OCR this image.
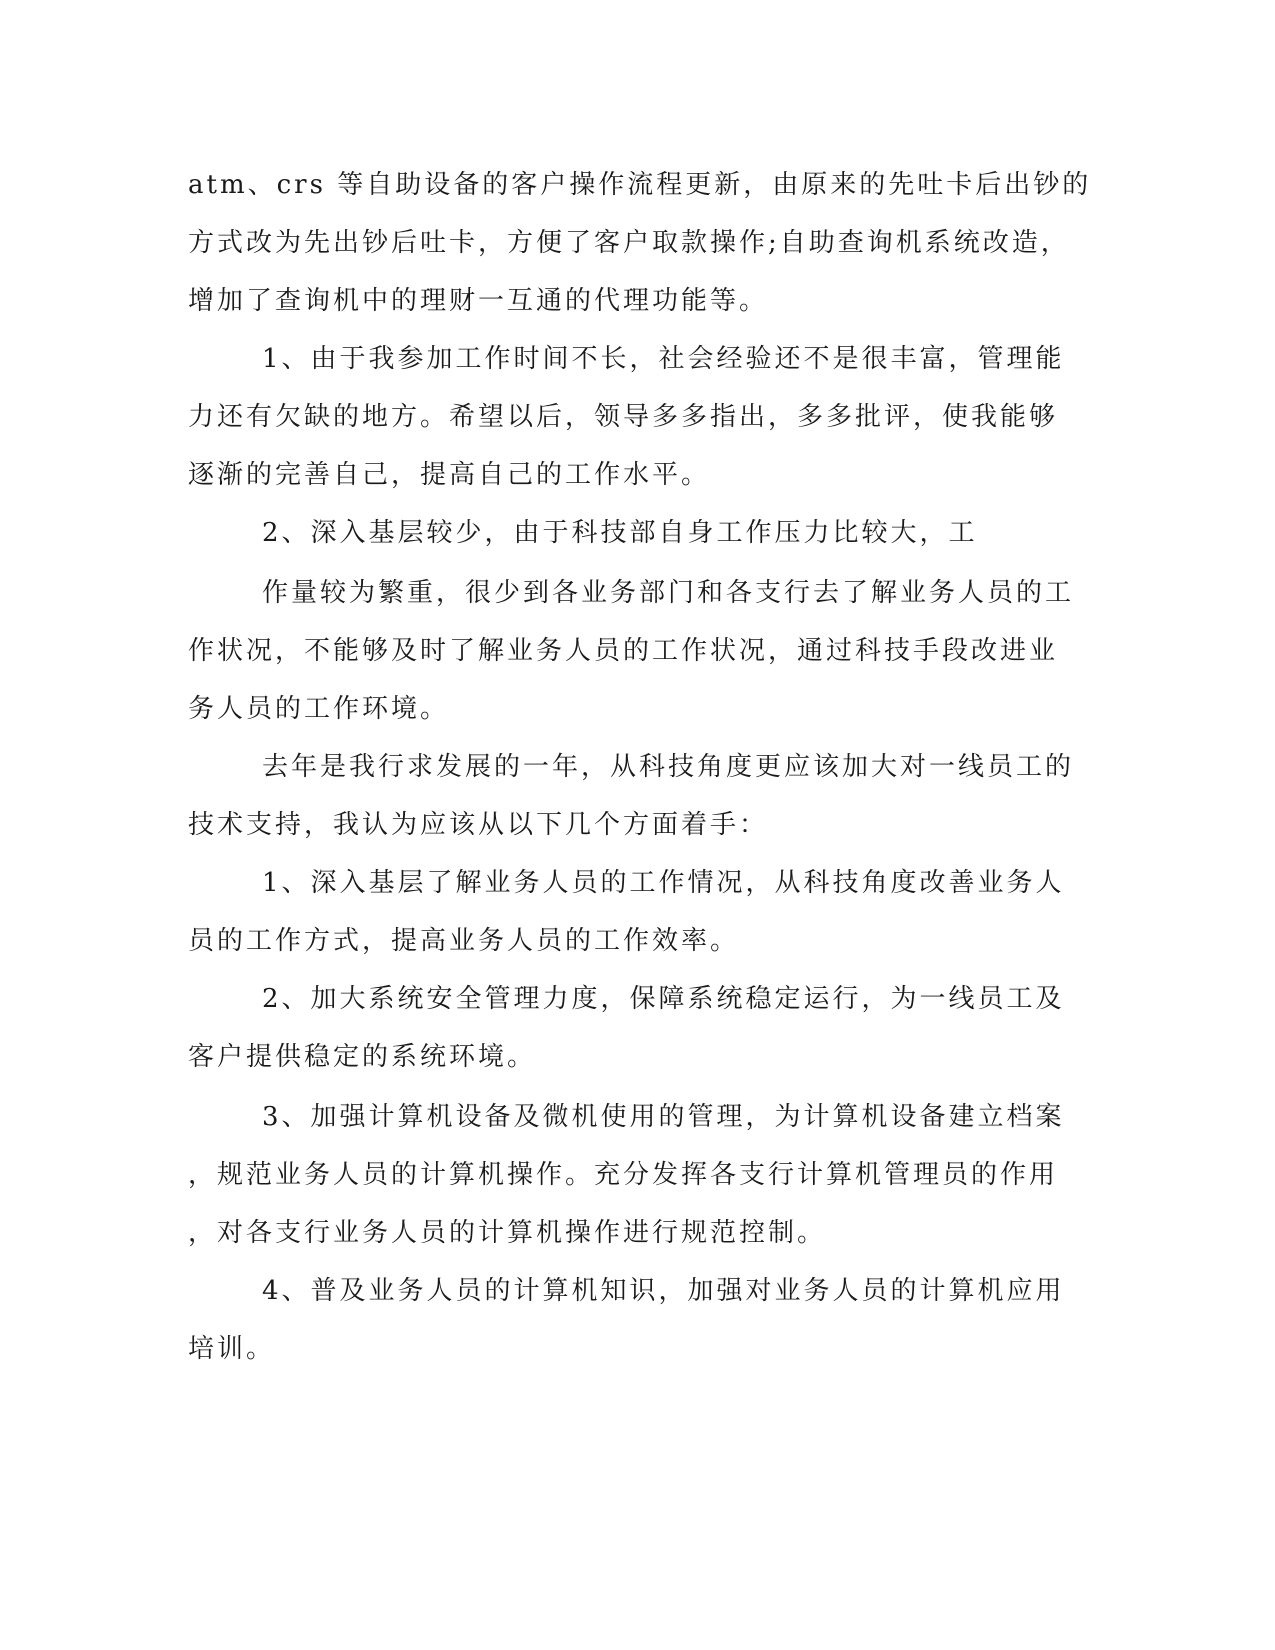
atm、crs 等自助设备的客户操作流程更新，由原来的先吐卡后出钞的
方式改为先出钞后吐卡，方便了客户取款操作;自助查询机系统改造，
增加了查询机中的理财一互通的代理功能等。
1、由于我参加工作时间不长，社会经验还不是很丰富，管理能
力还有欠缺的地方。希望以后，领导多多指出，多多批评，使我能够
逐渐的完善自己，提高自己的工作水平。
2、深入基层较少，由于科技部自身工作压力比较大，工
作量较为繁重，很少到各业务部门和各支行去了解业务人员的工
作状况，不能够及时了解业务人员的工作状况，通过科技手段改进业
务人员的工作环境。
去年是我行求发展的一年，从科技角度更应该加大对一线员工的
技术支持，我认为应该从以下几个方面着手：
1、深入基层了解业务人员的工作情况，从科技角度改善业务人
员的工作方式，提高业务人员的工作效率。
2、加大系统安全管理力度，保障系统稳定运行，为一线员工及
客户提供稳定的系统环境。
3、加强计算机设备及微机使用的管理，为计算机设备建立档案
，规范业务人员的计算机操作。充分发挥各支行计算机管理员的作用
，对各支行业务人员的计算机操作进行规范控制。
4、普及业务人员的计算机知识，加强对业务人员的计算机应用
培训。
